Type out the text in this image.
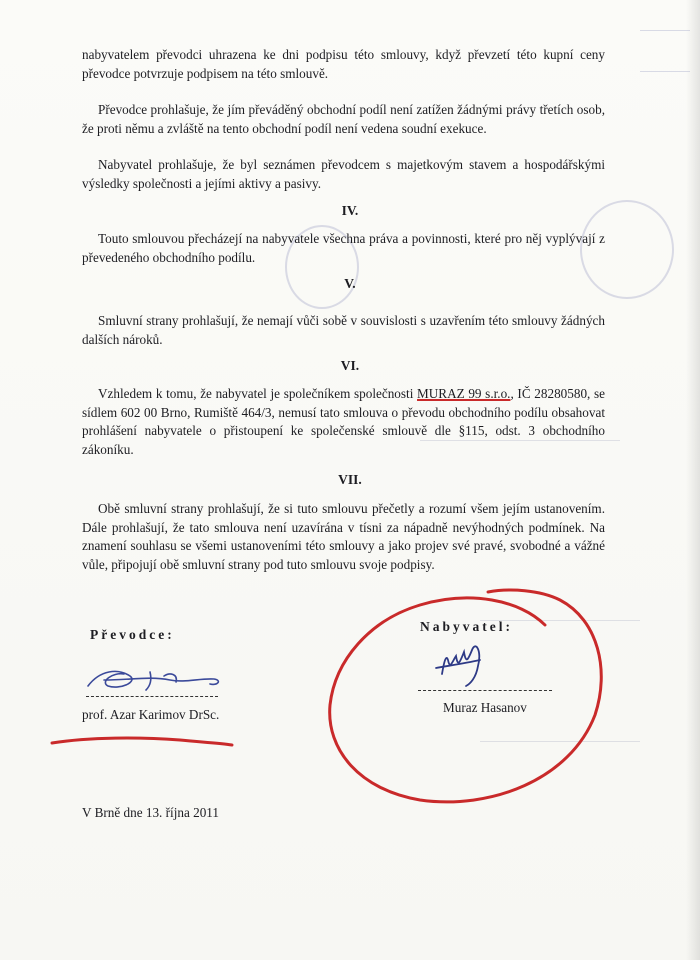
nabyvatelem převodci uhrazena ke dni podpisu této smlouvy, když převzetí této kupní ceny převodce potvrzuje podpisem na této smlouvě.

Převodce prohlašuje, že jím převáděný obchodní podíl není zatížen žádnými právy třetích osob, že proti němu a zvláště na tento obchodní podíl není vedena soudní exekuce.

Nabyvatel prohlašuje, že byl seznámen převodcem s majetkovým stavem a hospodářskými výsledky společnosti a jejími aktivy a pasivy.

IV.

Touto smlouvou přecházejí na nabyvatele všechna práva a povinnosti, které pro něj vyplývají z převedeného obchodního podílu.

V.

Smluvní strany prohlašují, že nemají vůči sobě v souvislosti s uzavřením této smlouvy žádných dalších nároků.

VI.

Vzhledem k tomu, že nabyvatel je společníkem společnosti MURAZ 99 s.r.o., IČ 28280580, se sídlem 602 00 Brno, Rumiště 464/3, nemusí tato smlouva o převodu obchodního podílu obsahovat prohlášení nabyvatele o přistoupení ke společenské smlouvě dle §115, odst. 3 obchodního zákoníku.

VII.

Obě smluvní strany prohlašují, že si tuto smlouvu přečetly a rozumí všem jejím ustanovením. Dále prohlašují, že tato smlouva není uzavírána v tísni za nápadně nevýhodných podmínek. Na znamení souhlasu se všemi ustanoveními této smlouvy a jako projev své pravé, svobodné a vážné vůle, připojují obě smluvní strany pod tuto smlouvu svoje podpisy.

Převodce:
prof. Azar Karimov DrSc.
Nabyvatel:
Muraz Hasanov
V Brně dne 13. října 2011
